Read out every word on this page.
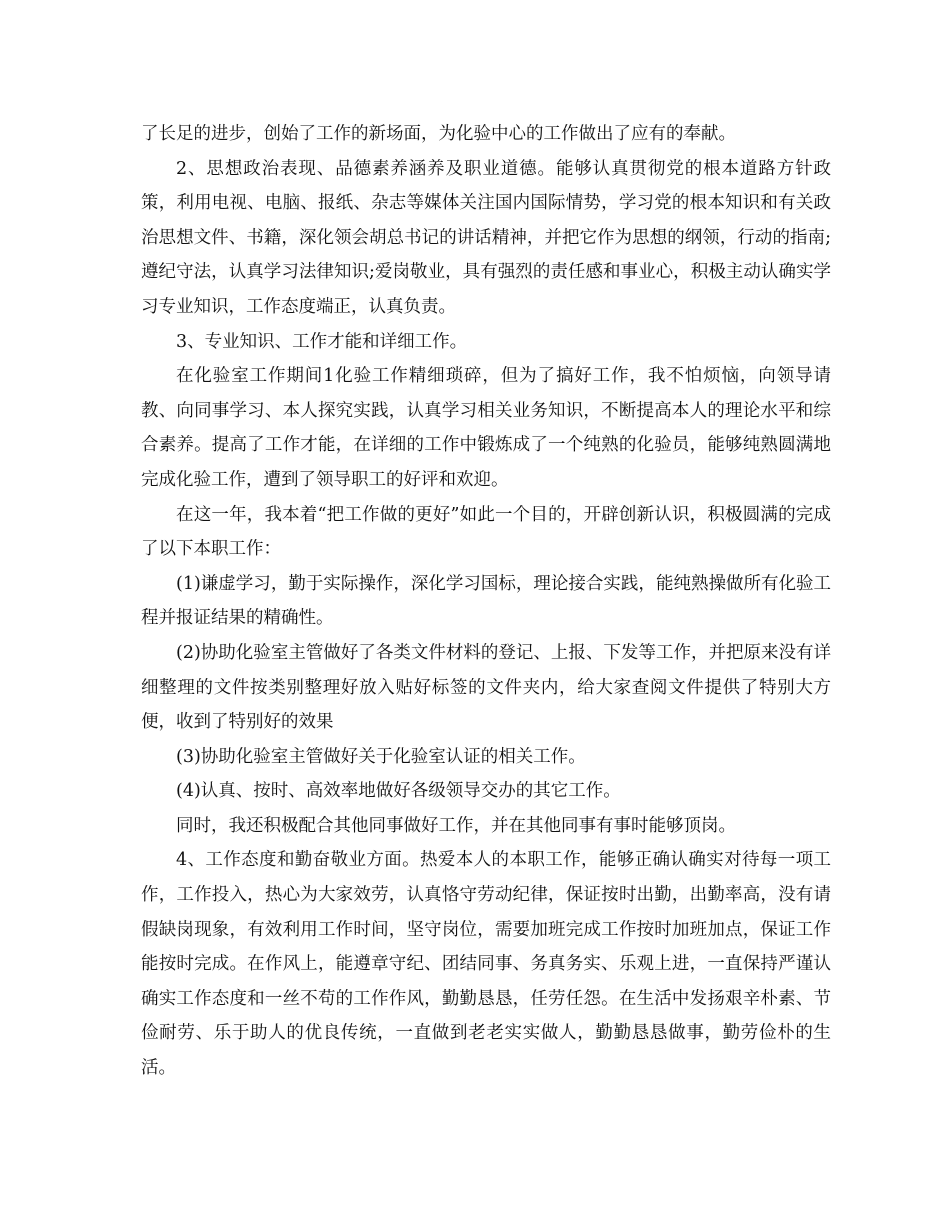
了长足的进步，创始了工作的新场面，为化验中心的工作做出了应有的奉献。

2、思想政治表现、品德素养涵养及职业道德。能够认真贯彻党的根本道路方针政策，利用电视、电脑、报纸、杂志等媒体关注国内国际情势，学习党的根本知识和有关政治思想文件、书籍，深化领会胡总书记的讲话精神，并把它作为思想的纲领，行动的指南;遵纪守法，认真学习法律知识;爱岗敬业，具有强烈的责任感和事业心，积极主动认确实学习专业知识，工作态度端正，认真负责。

3、专业知识、工作才能和详细工作。

在化验室工作期间1化验工作精细琐碎，但为了搞好工作，我不怕烦恼，向领导请教、向同事学习、本人探究实践，认真学习相关业务知识，不断提高本人的理论水平和综合素养。提高了工作才能，在详细的工作中锻炼成了一个纯熟的化验员，能够纯熟圆满地完成化验工作，遭到了领导职工的好评和欢迎。

在这一年，我本着“把工作做的更好”如此一个目的，开辟创新认识，积极圆满的完成了以下本职工作：

(1)谦虚学习，勤于实际操作，深化学习国标，理论接合实践，能纯熟操做所有化验工程并报证结果的精确性。

(2)协助化验室主管做好了各类文件材料的登记、上报、下发等工作，并把原来没有详细整理的文件按类别整理好放入贴好标签的文件夹内，给大家查阅文件提供了特别大方便，收到了特别好的效果

(3)协助化验室主管做好关于化验室认证的相关工作。

(4)认真、按时、高效率地做好各级领导交办的其它工作。

同时，我还积极配合其他同事做好工作，并在其他同事有事时能够顶岗。

4、工作态度和勤奋敬业方面。热爱本人的本职工作，能够正确认确实对待每一项工作，工作投入，热心为大家效劳，认真恪守劳动纪律，保证按时出勤，出勤率高，没有请假缺岗现象，有效利用工作时间，坚守岗位，需要加班完成工作按时加班加点，保证工作能按时完成。在作风上，能遵章守纪、团结同事、务真务实、乐观上进，一直保持严谨认确实工作态度和一丝不苟的工作作风，勤勤恳恳，任劳任怨。在生活中发扬艰辛朴素、节俭耐劳、乐于助人的优良传统，一直做到老老实实做人，勤勤恳恳做事，勤劳俭朴的生活。
